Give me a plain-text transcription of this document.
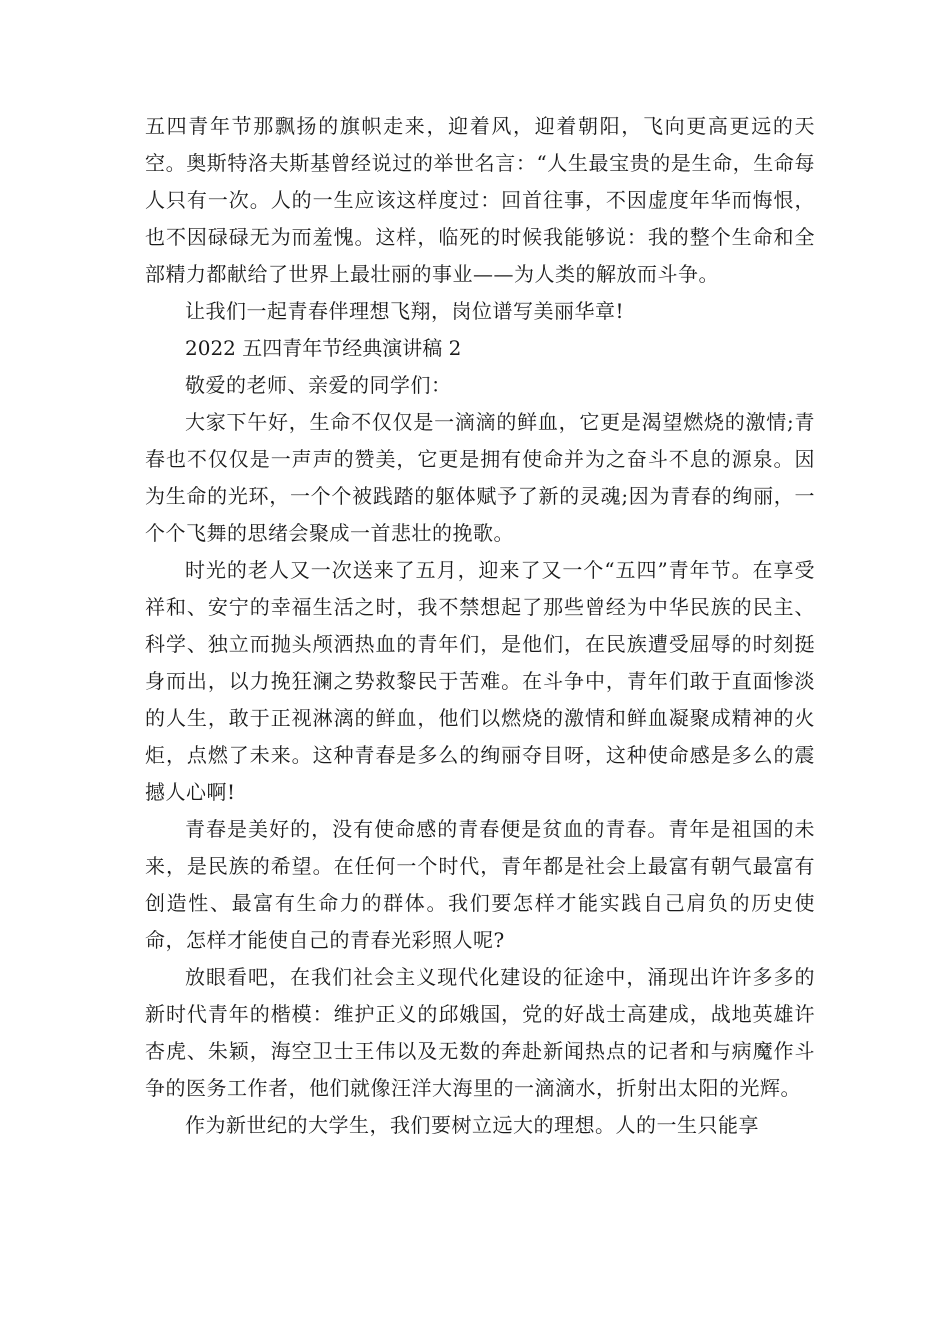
五四青年节那飘扬的旗帜走来，迎着风，迎着朝阳，飞向更高更远的天空。奥斯特洛夫斯基曾经说过的举世名言：“人生最宝贵的是生命，生命每人只有一次。人的一生应该这样度过：回首往事，不因虚度年华而悔恨，也不因碌碌无为而羞愧。这样，临死的时候我能够说：我的整个生命和全部精力都献给了世界上最壮丽的事业——为人类的解放而斗争。

让我们一起青春伴理想飞翔，岗位谱写美丽华章!

2022 五四青年节经典演讲稿 2

敬爱的老师、亲爱的同学们：

大家下午好，生命不仅仅是一滴滴的鲜血，它更是渴望燃烧的激情;青春也不仅仅是一声声的赞美，它更是拥有使命并为之奋斗不息的源泉。因为生命的光环，一个个被践踏的躯体赋予了新的灵魂;因为青春的绚丽，一个个飞舞的思绪会聚成一首悲壮的挽歌。

时光的老人又一次送来了五月，迎来了又一个“五四”青年节。在享受祥和、安宁的幸福生活之时，我不禁想起了那些曾经为中华民族的民主、科学、独立而抛头颅洒热血的青年们，是他们，在民族遭受屈辱的时刻挺身而出，以力挽狂澜之势救黎民于苦难。在斗争中，青年们敢于直面惨淡的人生，敢于正视淋漓的鲜血，他们以燃烧的激情和鲜血凝聚成精神的火炬，点燃了未来。这种青春是多么的绚丽夺目呀，这种使命感是多么的震撼人心啊!

青春是美好的，没有使命感的青春便是贫血的青春。青年是祖国的未来，是民族的希望。在任何一个时代，青年都是社会上最富有朝气最富有创造性、最富有生命力的群体。我们要怎样才能实践自己肩负的历史使命，怎样才能使自己的青春光彩照人呢?

放眼看吧，在我们社会主义现代化建设的征途中，涌现出许许多多的新时代青年的楷模：维护正义的邱娥国，党的好战士高建成，战地英雄许杏虎、朱颖，海空卫士王伟以及无数的奔赴新闻热点的记者和与病魔作斗争的医务工作者，他们就像汪洋大海里的一滴滴水，折射出太阳的光辉。

作为新世纪的大学生，我们要树立远大的理想。人的一生只能享
